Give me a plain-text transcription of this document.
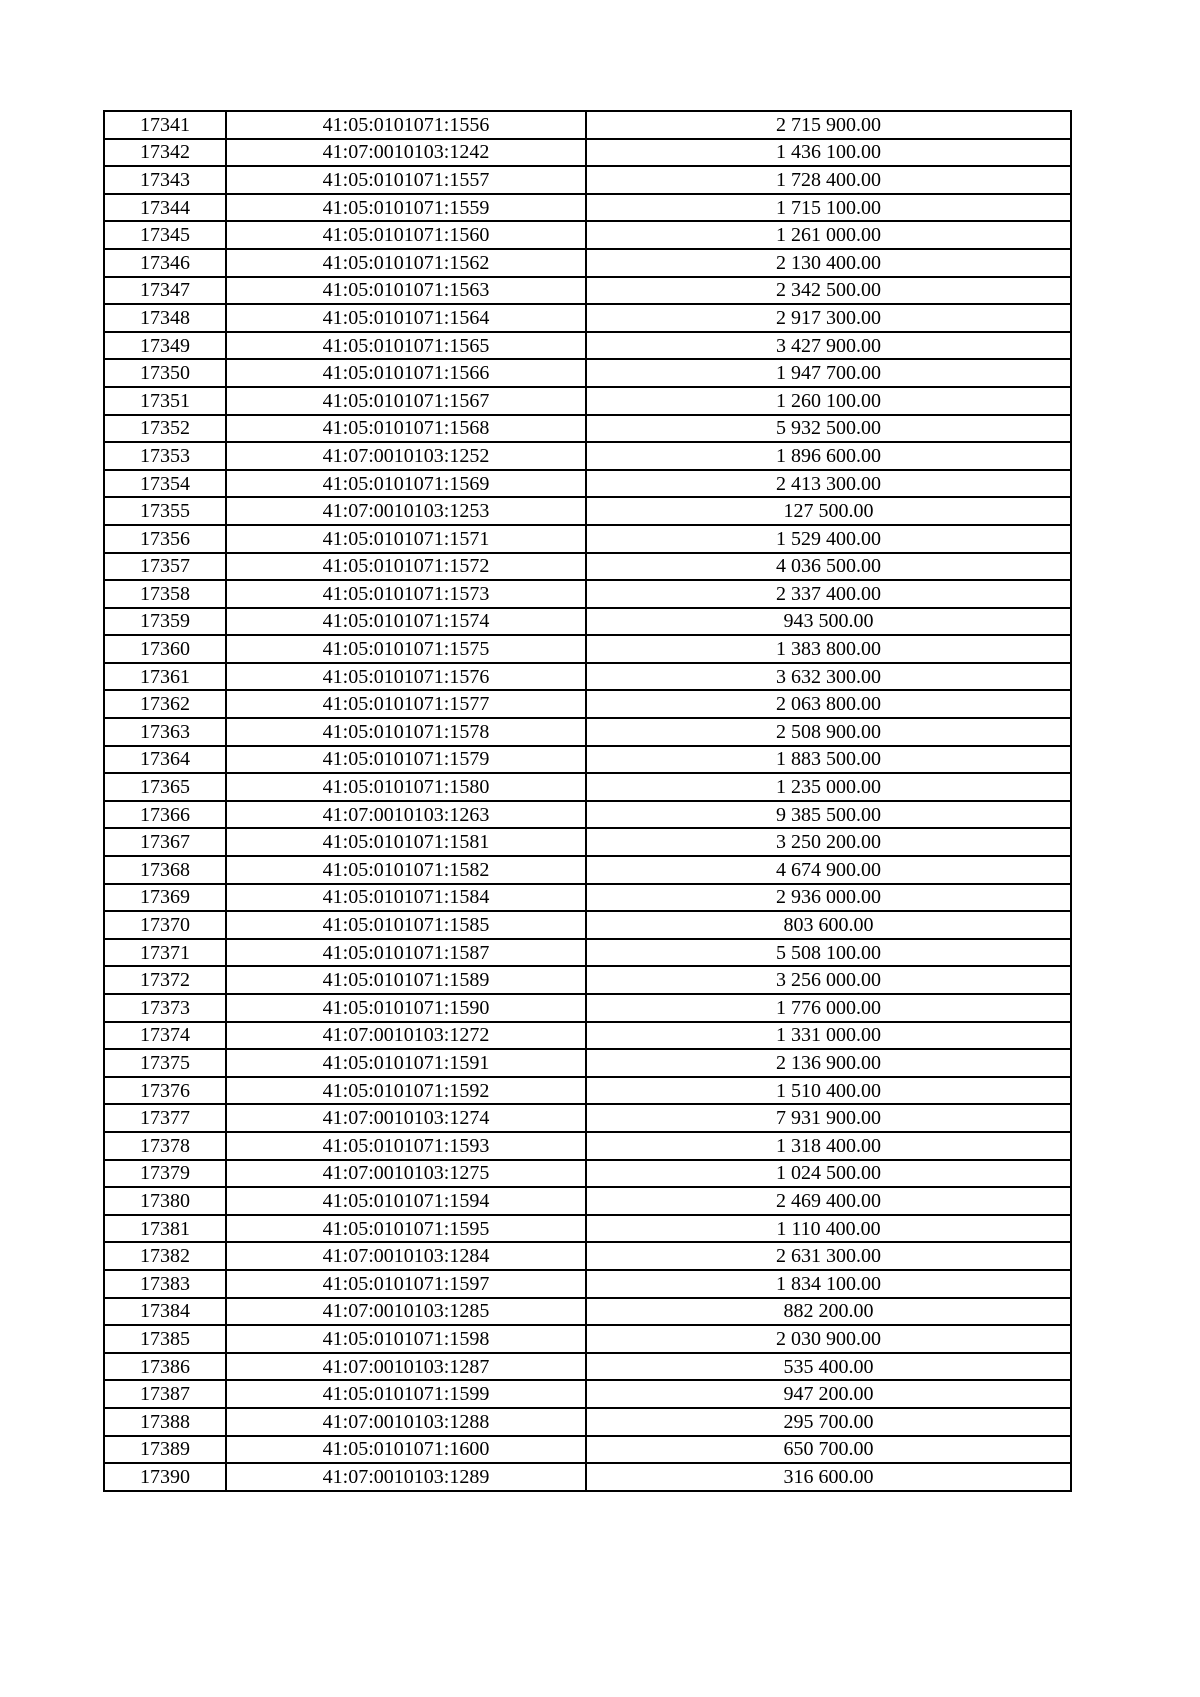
17341	41:05:0101071:1556	2 715 900.00
17342	41:07:0010103:1242	1 436 100.00
17343	41:05:0101071:1557	1 728 400.00
17344	41:05:0101071:1559	1 715 100.00
17345	41:05:0101071:1560	1 261 000.00
17346	41:05:0101071:1562	2 130 400.00
17347	41:05:0101071:1563	2 342 500.00
17348	41:05:0101071:1564	2 917 300.00
17349	41:05:0101071:1565	3 427 900.00
17350	41:05:0101071:1566	1 947 700.00
17351	41:05:0101071:1567	1 260 100.00
17352	41:05:0101071:1568	5 932 500.00
17353	41:07:0010103:1252	1 896 600.00
17354	41:05:0101071:1569	2 413 300.00
17355	41:07:0010103:1253	127 500.00
17356	41:05:0101071:1571	1 529 400.00
17357	41:05:0101071:1572	4 036 500.00
17358	41:05:0101071:1573	2 337 400.00
17359	41:05:0101071:1574	943 500.00
17360	41:05:0101071:1575	1 383 800.00
17361	41:05:0101071:1576	3 632 300.00
17362	41:05:0101071:1577	2 063 800.00
17363	41:05:0101071:1578	2 508 900.00
17364	41:05:0101071:1579	1 883 500.00
17365	41:05:0101071:1580	1 235 000.00
17366	41:07:0010103:1263	9 385 500.00
17367	41:05:0101071:1581	3 250 200.00
17368	41:05:0101071:1582	4 674 900.00
17369	41:05:0101071:1584	2 936 000.00
17370	41:05:0101071:1585	803 600.00
17371	41:05:0101071:1587	5 508 100.00
17372	41:05:0101071:1589	3 256 000.00
17373	41:05:0101071:1590	1 776 000.00
17374	41:07:0010103:1272	1 331 000.00
17375	41:05:0101071:1591	2 136 900.00
17376	41:05:0101071:1592	1 510 400.00
17377	41:07:0010103:1274	7 931 900.00
17378	41:05:0101071:1593	1 318 400.00
17379	41:07:0010103:1275	1 024 500.00
17380	41:05:0101071:1594	2 469 400.00
17381	41:05:0101071:1595	1 110 400.00
17382	41:07:0010103:1284	2 631 300.00
17383	41:05:0101071:1597	1 834 100.00
17384	41:07:0010103:1285	882 200.00
17385	41:05:0101071:1598	2 030 900.00
17386	41:07:0010103:1287	535 400.00
17387	41:05:0101071:1599	947 200.00
17388	41:07:0010103:1288	295 700.00
17389	41:05:0101071:1600	650 700.00
17390	41:07:0010103:1289	316 600.00
